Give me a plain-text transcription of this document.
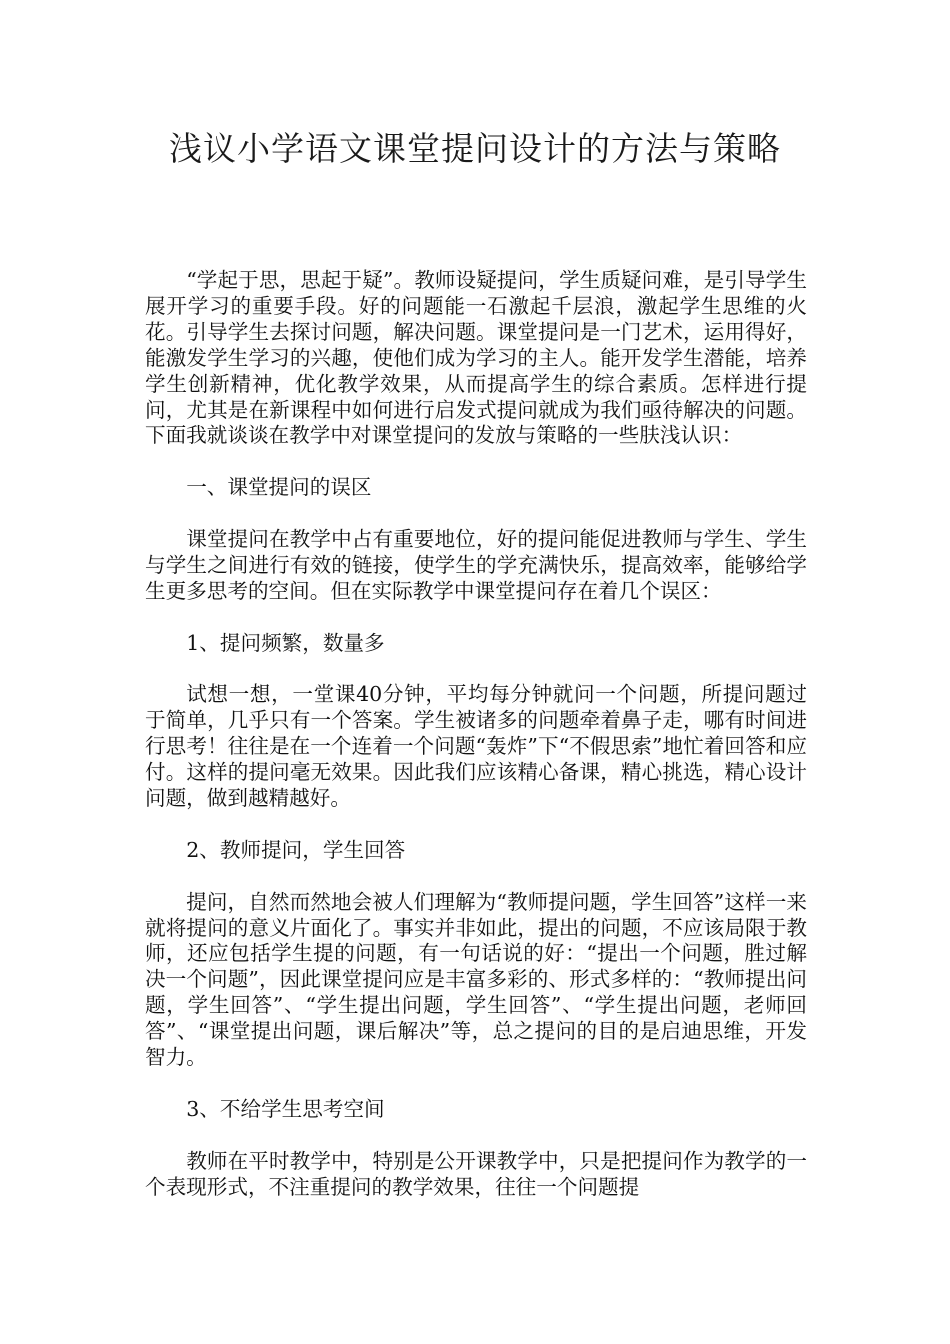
浅议小学语文课堂提问设计的方法与策略

“学起于思，思起于疑”。教师设疑提问，学生质疑问难，是引导学生展开学习的重要手段。好的问题能一石激起千层浪，激起学生思维的火花。引导学生去探讨问题，解决问题。课堂提问是一门艺术，运用得好，能激发学生学习的兴趣，使他们成为学习的主人。能开发学生潜能，培养学生创新精神，优化教学效果，从而提高学生的综合素质。怎样进行提问，尤其是在新课程中如何进行启发式提问就成为我们亟待解决的问题。下面我就谈谈在教学中对课堂提问的发放与策略的一些肤浅认识：

一、课堂提问的误区

课堂提问在教学中占有重要地位，好的提问能促进教师与学生、学生与学生之间进行有效的链接，使学生的学充满快乐，提高效率，能够给学生更多思考的空间。但在实际教学中课堂提问存在着几个误区：

1、提问频繁，数量多

试想一想，一堂课40分钟，平均每分钟就问一个问题，所提问题过于简单，几乎只有一个答案。学生被诸多的问题牵着鼻子走，哪有时间进行思考！往往是在一个连着一个问题“轰炸”下“不假思索”地忙着回答和应付。这样的提问毫无效果。因此我们应该精心备课，精心挑选，精心设计问题，做到越精越好。

2、教师提问，学生回答

提问，自然而然地会被人们理解为“教师提问题，学生回答”这样一来就将提问的意义片面化了。事实并非如此，提出的问题，不应该局限于教师，还应包括学生提的问题，有一句话说的好：“提出一个问题，胜过解决一个问题”，因此课堂提问应是丰富多彩的、形式多样的：“教师提出问题，学生回答”、“学生提出问题，学生回答”、“学生提出问题，老师回答”、“课堂提出问题，课后解决”等，总之提问的目的是启迪思维，开发智力。

3、不给学生思考空间

教师在平时教学中，特别是公开课教学中，只是把提问作为教学的一个表现形式，不注重提问的教学效果，往往一个问题提
